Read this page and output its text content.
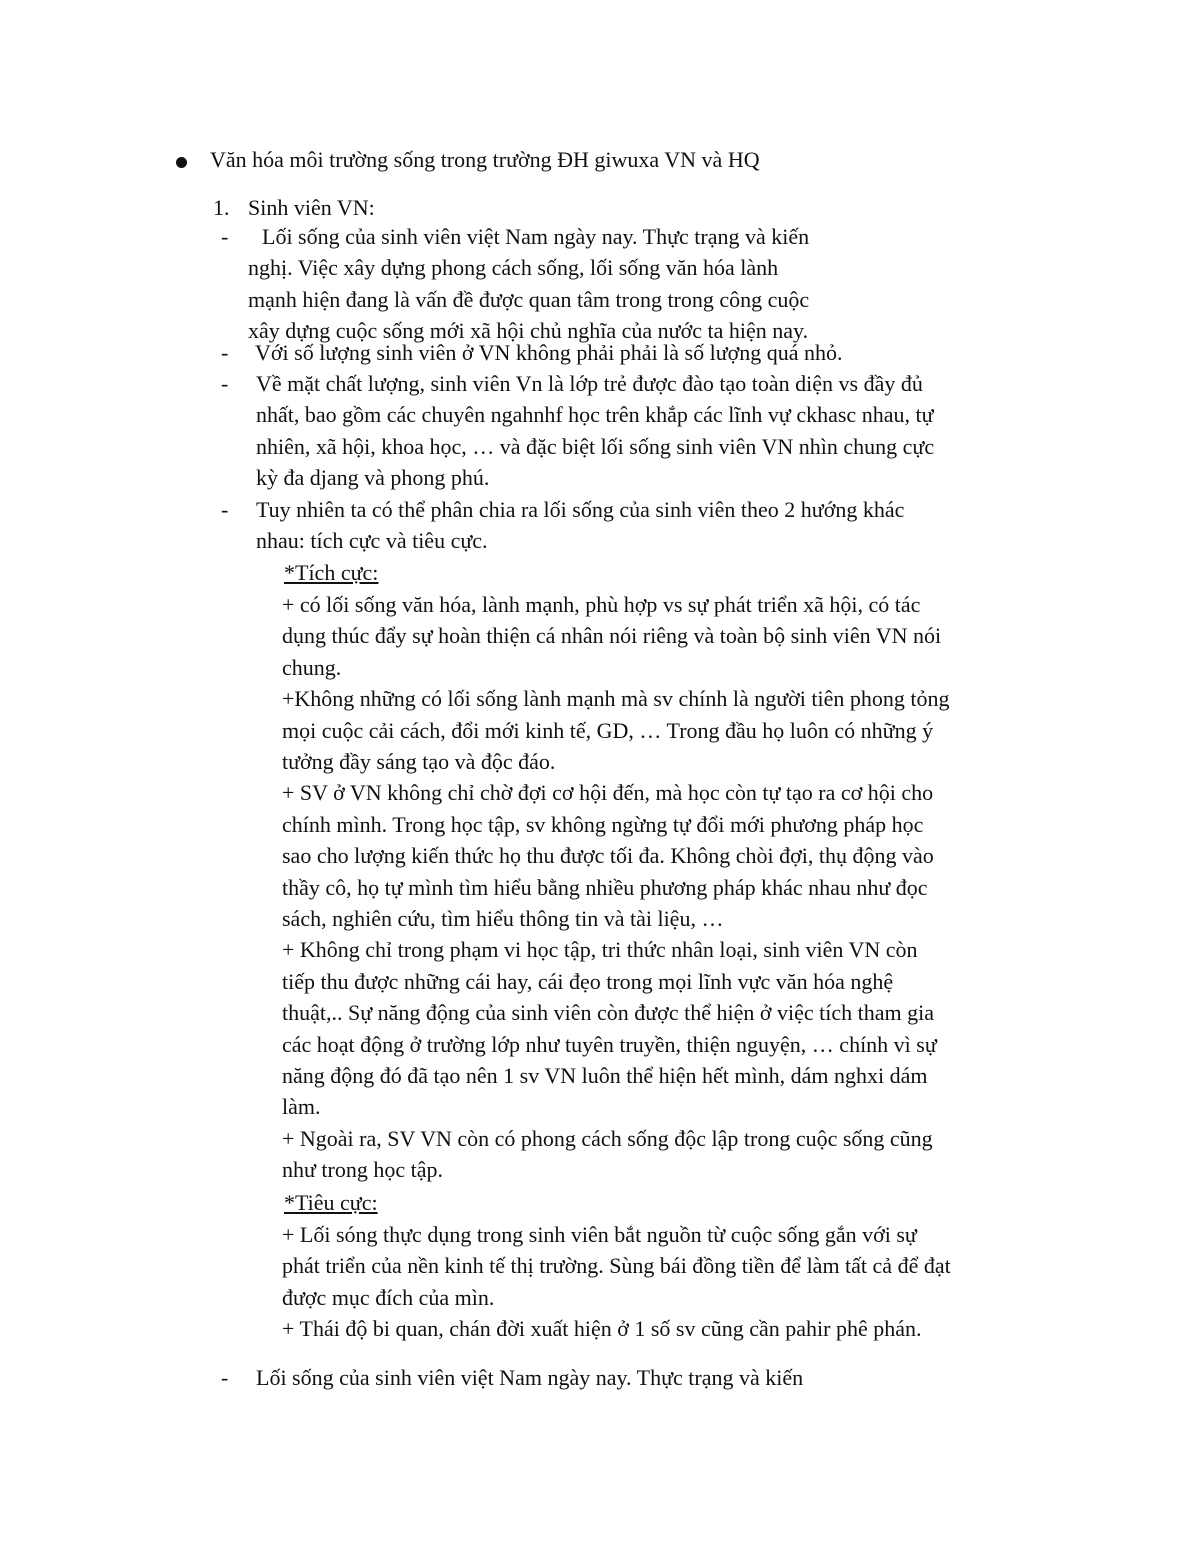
Văn hóa môi trường sống trong trường ĐH giwuxa VN và HQ

1. Sinh viên VN:

- Lối sống của sinh viên việt Nam ngày nay. Thực trạng và kiến

nghị. Việc xây dựng phong cách sống, lối sống văn hóa lành

mạnh hiện đang là vấn đề được quan tâm trong trong công cuộc

xây dựng cuộc sống mới xã hội chủ nghĩa của nước ta hiện nay.

- Với số lượng sinh viên ở VN không phải phải là số lượng quá nhỏ.

- Về mặt chất lượng, sinh viên Vn là lớp trẻ được đào tạo toàn diện vs đầy đủ

nhất, bao gồm các chuyên ngahnhf học trên khắp các lĩnh vự ckhasc nhau, tự

nhiên, xã hội, khoa học, … và đặc biệt lối sống sinh viên VN nhìn chung cực

kỳ đa djang và phong phú.

- Tuy nhiên ta có thể phân chia ra lối sống của sinh viên theo 2 hướng khác

nhau: tích cực và tiêu cực.

*Tích cực:

+ có lối sống văn hóa, lành mạnh, phù hợp vs sự phát triển xã hội, có tác

dụng thúc đẩy sự hoàn thiện cá nhân nói riêng và toàn bộ sinh viên VN nói

chung.

+Không những có lối sống lành mạnh mà sv chính là người tiên phong tỏng

mọi cuộc cải cách, đổi mới kinh tế, GD, … Trong đầu họ luôn có những ý

tưởng đầy sáng tạo và độc đáo.

+ SV ở VN không chỉ chờ đợi cơ hội đến, mà học còn tự tạo ra cơ hội cho

chính mình. Trong học tập, sv không ngừng tự đổi mới phương pháp học

sao cho lượng kiến thức họ thu được tối đa. Không chòi đợi, thụ động vào

thầy cô, họ tự mình tìm hiểu bằng nhiều phương pháp khác nhau như đọc

sách, nghiên cứu, tìm hiểu thông tin và tài liệu, …

+ Không chỉ trong phạm vi học tập, tri thức nhân loại, sinh viên VN còn

tiếp thu được những cái hay, cái đẹo trong mọi lĩnh vực văn hóa nghệ

thuật,.. Sự năng động của sinh viên còn được thể hiện ở việc tích tham gia

các hoạt động ở trường lớp như tuyên truyền, thiện nguyện, … chính vì sự

năng động đó đã tạo nên 1 sv VN luôn thể hiện hết mình, dám nghxi dám

làm.

+ Ngoài ra, SV VN còn có phong cách sống độc lập trong cuộc sống cũng

như trong học tập.

*Tiêu cực:

+ Lối sóng thực dụng trong sinh viên bắt nguồn từ cuộc sống gắn với sự

phát triển của nền kinh tế thị trường. Sùng bái đồng tiền để làm tất cả để đạt

được mục đích của mìn.

+ Thái độ bi quan, chán đời xuất hiện ở 1 số sv cũng cần pahir phê phán.

- Lối sống của sinh viên việt Nam ngày nay. Thực trạng và kiến
